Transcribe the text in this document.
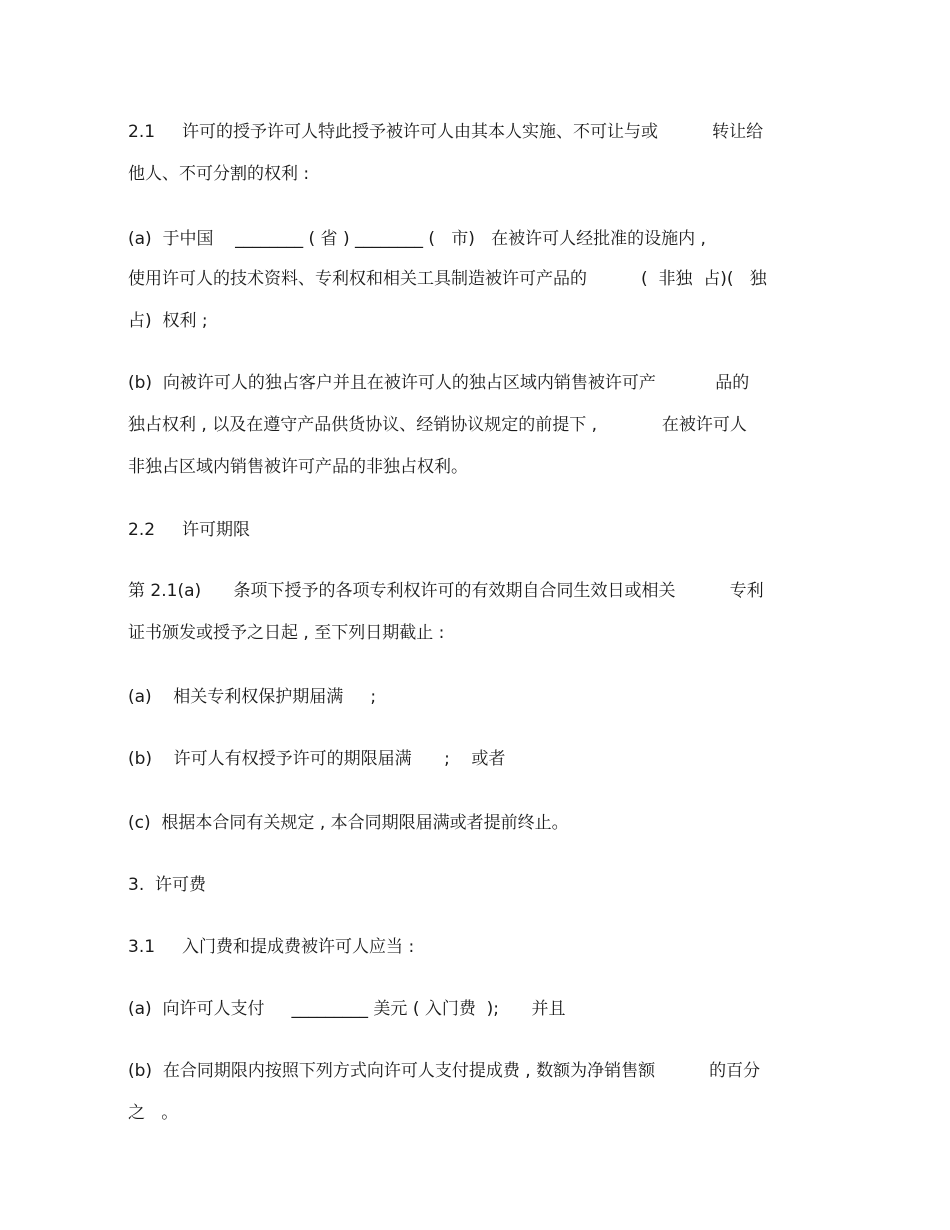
2.1     许可的授予许可人特此授予被许可人由其本人实施、不可让与或          转让给
他人、不可分割的权利 :
(a)  于中国    ________ ( 省 ) ________ (   市)   在被许可人经批准的设施内 ,
使用许可人的技术资料、专利权和相关工具制造被许可产品的          (  非独  占)(   独
占)  权利 ;
(b)  向被许可人的独占客户并且在被许可人的独占区域内销售被许可产           品的
独占权利 , 以及在遵守产品供货协议、经销协议规定的前提下 ,            在被许可人
非独占区域内销售被许可产品的非独占权利。
2.2     许可期限
第 2.1(a)      条项下授予的各项专利权许可的有效期自合同生效日或相关          专利
证书颁发或授予之日起 , 至下列日期截止 :
(a)    相关专利权保护期届满     ;
(b)    许可人有权授予许可的期限届满      ;    或者
(c)  根据本合同有关规定 , 本合同期限届满或者提前终止。
3.  许可费
3.1     入门费和提成费被许可人应当 :
(a)  向许可人支付     _________ 美元 ( 入门费  );      并且
(b)  在合同期限内按照下列方式向许可人支付提成费 , 数额为净销售额          的百分
之   。
